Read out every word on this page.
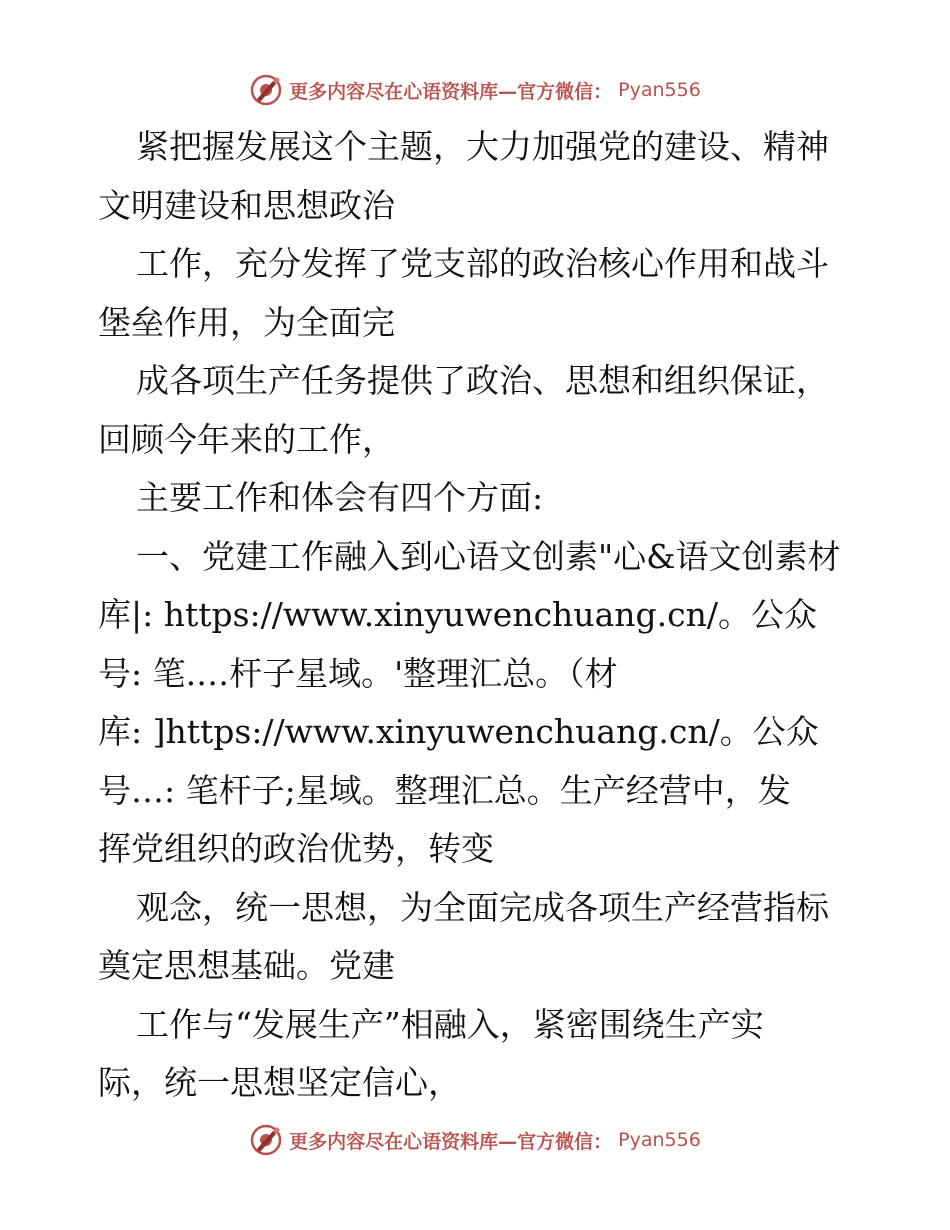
更多内容尽在心语资料库—官方微信： Pyan556
紧把握发展这个主题，大力加强党的建设、精神
文明建设和思想政治
工作，充分发挥了党支部的政治核心作用和战斗
堡垒作用，为全面完
成各项生产任务提供了政治、思想和组织保证，
回顾今年来的工作，
主要工作和体会有四个方面:
一、党建工作融入到心语文创素"心&语文创素材
库|: https://www.xinyuwenchuang.cn/。公众
号: 笔.…杆子星域。'整理汇总。（材
库: ]https://www.xinyuwenchuang.cn/。公众
号…: 笔杆子;星域。整理汇总。生产经营中，发
挥党组织的政治优势，转变
观念，统一思想，为全面完成各项生产经营指标
奠定思想基础。党建
工作与“发展生产”相融入，紧密围绕生产实
际，统一思想坚定信心，
更多内容尽在心语资料库—官方微信： Pyan556
